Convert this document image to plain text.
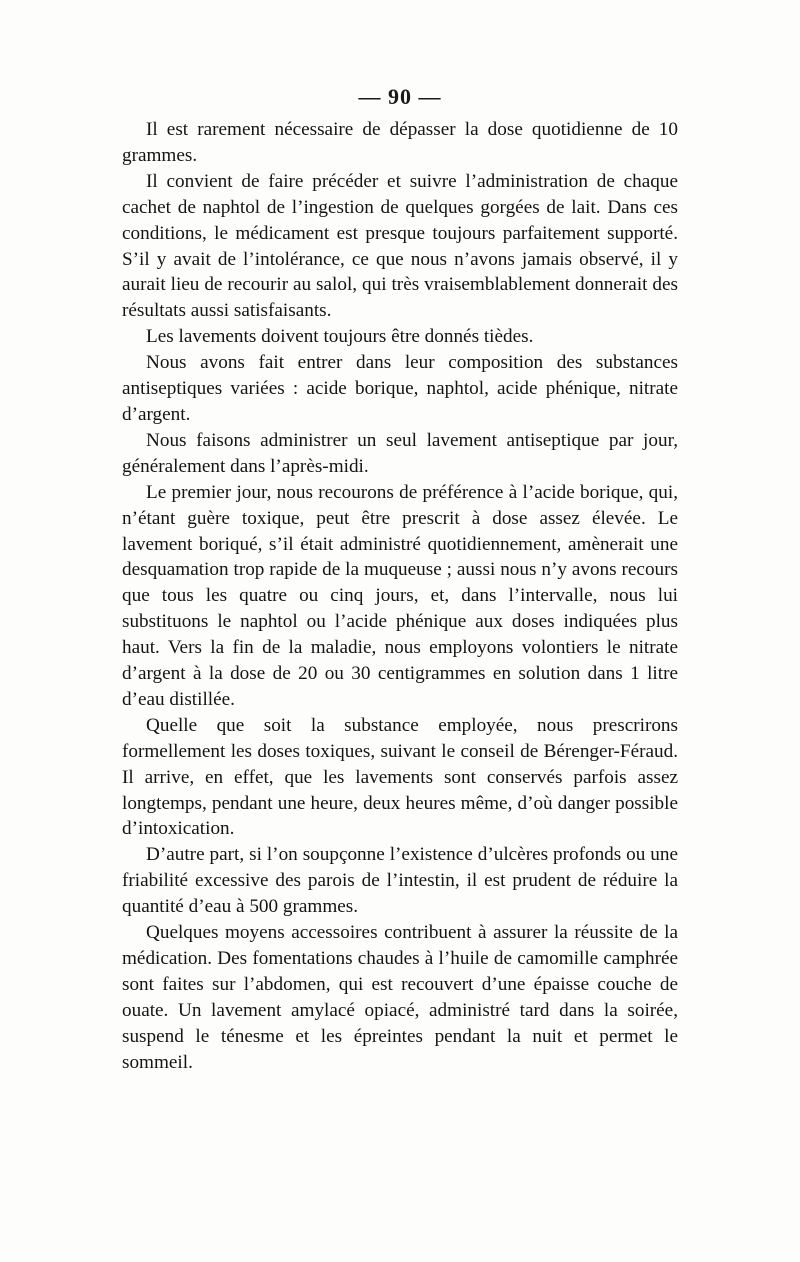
— 90 —

Il est rarement nécessaire de dépasser la dose quotidienne de 10 grammes.

Il convient de faire précéder et suivre l’administration de chaque cachet de naphtol de l’ingestion de quelques gorgées de lait. Dans ces conditions, le médicament est presque toujours parfaitement supporté. S’il y avait de l’intolérance, ce que nous n’avons jamais observé, il y aurait lieu de recourir au salol, qui très vraisemblablement donnerait des résultats aussi satisfaisants.

Les lavements doivent toujours être donnés tièdes.

Nous avons fait entrer dans leur composition des substances antiseptiques variées : acide borique, naphtol, acide phénique, nitrate d’argent.

Nous faisons administrer un seul lavement antiseptique par jour, généralement dans l’après-midi.

Le premier jour, nous recourons de préférence à l’acide borique, qui, n’étant guère toxique, peut être prescrit à dose assez élevée. Le lavement boriqué, s’il était administré quotidiennement, amènerait une desquamation trop rapide de la muqueuse ; aussi nous n’y avons recours que tous les quatre ou cinq jours, et, dans l’intervalle, nous lui substituons le naphtol ou l’acide phénique aux doses indiquées plus haut. Vers la fin de la maladie, nous employons volontiers le nitrate d’argent à la dose de 20 ou 30 centigrammes en solution dans 1 litre d’eau distillée.

Quelle que soit la substance employée, nous prescrirons formellement les doses toxiques, suivant le conseil de Bérenger-Féraud. Il arrive, en effet, que les lavements sont conservés parfois assez longtemps, pendant une heure, deux heures même, d’où danger possible d’intoxication.

D’autre part, si l’on soupçonne l’existence d’ulcères profonds ou une friabilité excessive des parois de l’intestin, il est prudent de réduire la quantité d’eau à 500 grammes.

Quelques moyens accessoires contribuent à assurer la réussite de la médication. Des fomentations chaudes à l’huile de camomille camphrée sont faites sur l’abdomen, qui est recouvert d’une épaisse couche de ouate. Un lavement amylacé opiacé, administré tard dans la soirée, suspend le ténesme et les épreintes pendant la nuit et permet le sommeil.
